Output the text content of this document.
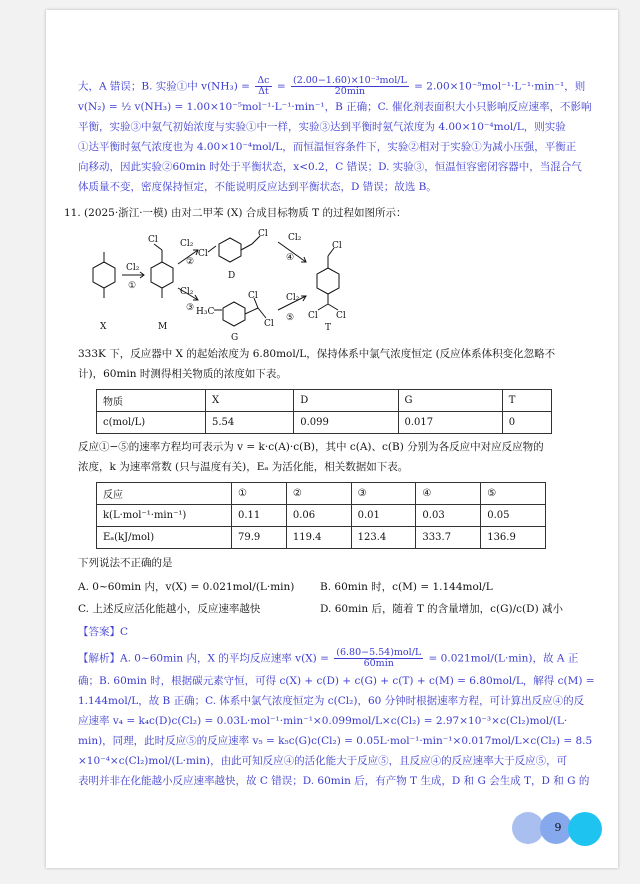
大，A 错误；B. 实验①中 $v(NH_3) = \frac{\Delta c}{\Delta t} = \frac{\text{(2.00−1.60)×10⁻³mol/L}}{20\min} = 2.00\times 10^{-5}mol^{-1}\cdot L^{-1}\cdot\min^{-1}$，则
v(N₂) = ½ v(NH₃) = 1.00×10⁻⁵mol⁻¹·L⁻¹·min⁻¹，B 正确；C. 催化剂表面积大小只影响反应速率，不影响
平衡，实验③中氨气初始浓度与实验①中一样，实验③达到平衡时氨气浓度为 4.00×10⁻⁴mol/L，则实验
①达平衡时氨气浓度也为 4.00×10⁻⁴mol/L，而恒温恒容条件下，实验②相对于实验①为减小压强，平衡正
向移动，因此实验②60min 时处于平衡状态，x<0.2，C 错误；D. 实验③，恒温恒容密闭容器中，当混合气
体质量不变，密度保持恒定，不能说明反应达到平衡状态，D 错误；故选 B。
11. (2025·浙江·一模) 由对二甲苯 (X) 合成目标物质 T 的过程如图所示：
X	M
D
G
T
Cl₂
①
Cl₂
②
Cl₂
③
Cl₂
④
Cl₂
⑤
Cl
Cl
Cl
H₃C
Cl
Cl
Cl
Cl Cl
333K 下，反应器中 X 的起始浓度为 6.80mol/L，保持体系中氯气浓度恒定 (反应体系体积变化忽略不
计)，60min 时测得相关物质的浓度如下表。
物质	X	D	G	T
c(mol/L)	5.54	0.099	0.017	0
反应①−⑤的速率方程均可表示为 v = k·c(A)·c(B)，其中 c(A)、c(B) 分别为各反应中对应反应物的
浓度，k 为速率常数 (只与温度有关)，Eₐ 为活化能，相关数据如下表。
反应	①	②	③	④	⑤
k(L·mol⁻¹·min⁻¹)	0.11	0.06	0.01	0.03	0.05
Eₐ(kJ/mol)	79.9	119.4	123.4	333.7	136.9
下列说法不正确的是
A. 0~60min 内，v(X) = 0.021mol/(L·min)	B. 60min 时，c(M) = 1.144mol/L
C. 上述反应活化能越小，反应速率越快	D. 60min 后，随着 T 的含量增加，c(G)/c(D) 减小
【答案】C
【解析】A. 0~60min 内，X 的平均反应速率 $v(X) = \frac{\text{(6.80−5.54)mol/L}}{60\min} = 0.021mol/(L\cdot\min)$，故 A 正
确；B. 60min 时，根据碳元素守恒，可得 c(X) + c(D) + c(G) + c(T) + c(M) = 6.80mol/L，解得 c(M) =
1.144mol/L，故 B 正确；C. 体系中氯气浓度恒定为 c(Cl₂)，60 分钟时根据速率方程，可计算出反应④的反
应速率 v₄ = k₄c(D)c(Cl₂) = 0.03L·mol⁻¹·min⁻¹×0.099mol/L×c(Cl₂) = 2.97×10⁻³×c(Cl₂)mol/(L·
min)，同理，此时反应⑤的反应速率 v₅ = k₅c(G)c(Cl₂) = 0.05L·mol⁻¹·min⁻¹×0.017mol/L×c(Cl₂) = 8.5
×10⁻⁴×c(Cl₂)mol/(L·min)，由此可知反应④的活化能大于反应⑤，且反应④的反应速率大于反应⑤，可
表明并非在化能越小反应速率越快，故 C 错误；D. 60min 后，有产物 T 生成，D 和 G 会生成 T，D 和 G 的
9
